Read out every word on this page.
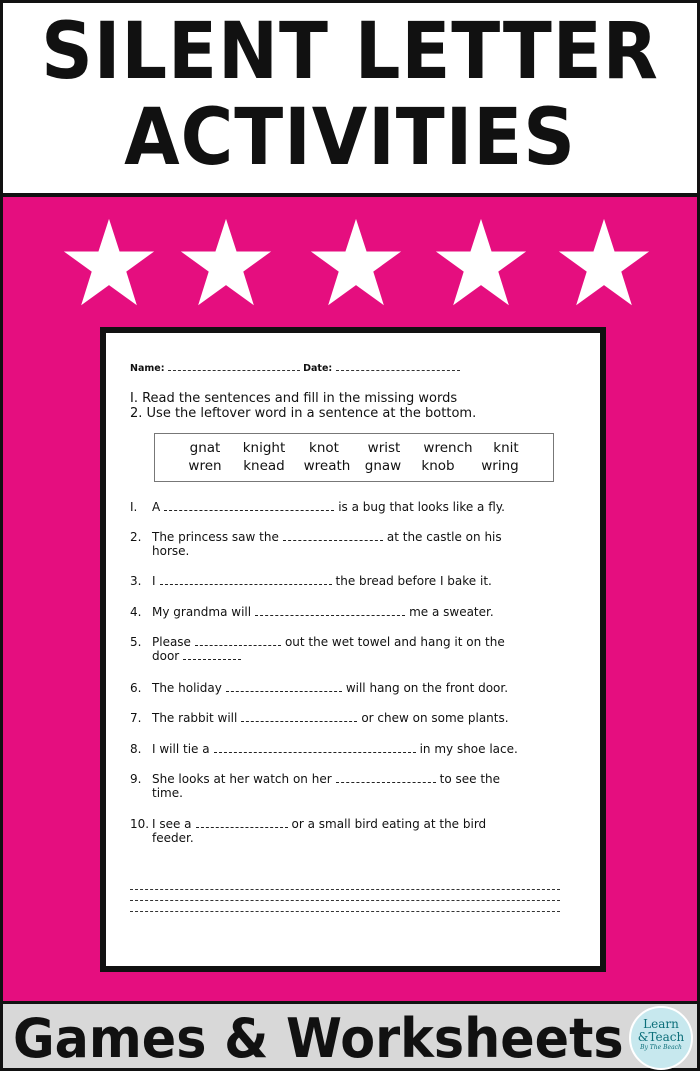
SILENT LETTER
ACTIVITIES
Name:	Date:
I. Read the sentences and fill in the missing words
2. Use the leftover word in a sentence at the bottom.
gnat	knight	knot	wrist	wrench	knit
wren	knead	wreath	gnaw	knob	wring
I. A	is a bug that looks like a fly.
2. The princess saw the	at the castle on his
horse.
3. I	the bread before I bake it.
4. My grandma will	me a sweater.
5. Please	out the wet towel and hang it on the
door
6. The holiday	will hang on the front door.
7. The rabbit will	or chew on some plants.
8. I will tie a	in my shoe lace.
9. She looks at her watch on her	to see the
time.
10. I see a	or a small bird eating at the bird
feeder.
Games & Worksheets	Learn
&Teach
By The Beach
